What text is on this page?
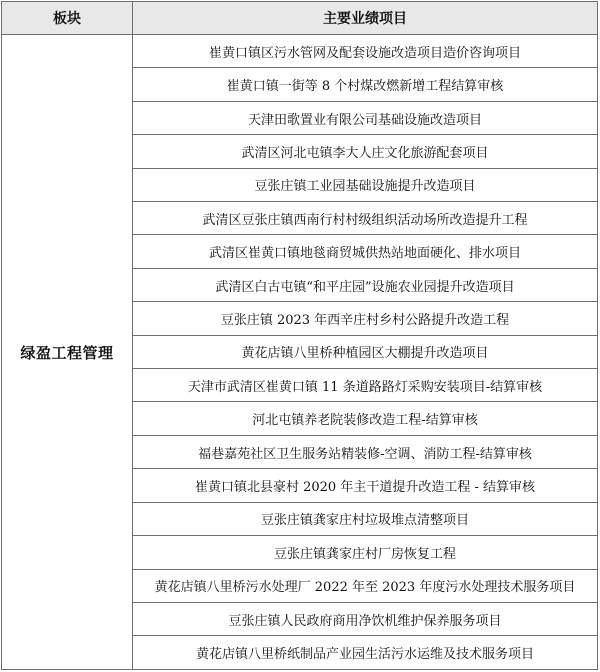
板块	主要业绩项目
绿盈工程管理	崔黄口镇区污水管网及配套设施改造项目造价咨询项目
	崔黄口镇一街等 8 个村煤改燃新增工程结算审核
	天津田歌置业有限公司基础设施改造项目
	武清区河北屯镇李大人庄文化旅游配套项目
	豆张庄镇工业园基础设施提升改造项目
	武清区豆张庄镇西南行村村级组织活动场所改造提升工程
	武清区崔黄口镇地毯商贸城供热站地面硬化、排水项目
	武清区白古屯镇“和平庄园”设施农业园提升改造项目
	豆张庄镇 2023 年西辛庄村乡村公路提升改造工程
	黄花店镇八里桥种植园区大棚提升改造项目
	天津市武清区崔黄口镇 11 条道路路灯采购安装项目-结算审核
	河北屯镇养老院装修改造工程-结算审核
	福巷嘉苑社区卫生服务站精装修-空调、消防工程-结算审核
	崔黄口镇北县豪村 2020 年主干道提升改造工程 - 结算审核
	豆张庄镇龚家庄村垃圾堆点清整项目
	豆张庄镇龚家庄村厂房恢复工程
	黄花店镇八里桥污水处理厂 2022 年至 2023 年度污水处理技术服务项目
	豆张庄镇人民政府商用净饮机维护保养服务项目
	黄花店镇八里桥纸制品产业园生活污水运维及技术服务项目
